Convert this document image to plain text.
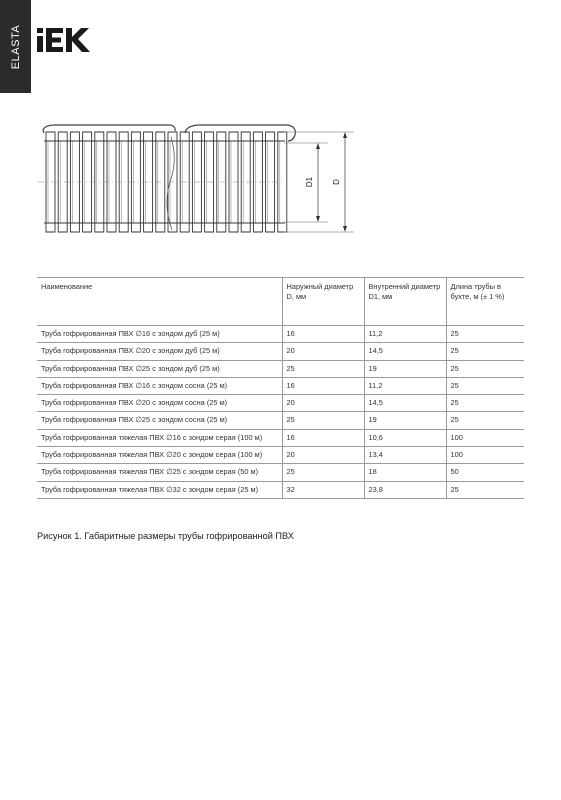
ELASTA
D1 D
Наименование	Наружный диаметр D, мм	Внутренний диаметр D1, мм	Длина трубы в бухте, м (± 1 %)
Труба гофрированная ПВХ ∅16 с зондом дуб (25 м)	16	11,2	25
Труба гофрированная ПВХ ∅20 с зондом дуб (25 м)	20	14,5	25
Труба гофрированная ПВХ ∅25 с зондом дуб (25 м)	25	19	25
Труба гофрированная ПВХ ∅16 с зондом сосна (25 м)	16	11,2	25
Труба гофрированная ПВХ ∅20 с зондом сосна (25 м)	20	14,5	25
Труба гофрированная ПВХ ∅25 с зондом сосна (25 м)	25	19	25
Труба гофрированная тяжелая ПВХ ∅16 с зондом серая (100 м)	16	10,6	100
Труба гофрированная тяжелая ПВХ ∅20 с зондом серая (100 м)	20	13,4	100
Труба гофрированная тяжелая ПВХ ∅25 с зондом серая (50 м)	25	18	50
Труба гофрированная тяжелая ПВХ ∅32 с зондом серая (25 м)	32	23,8	25
Рисунок 1. Габаритные размеры трубы гофрированной ПВХ
